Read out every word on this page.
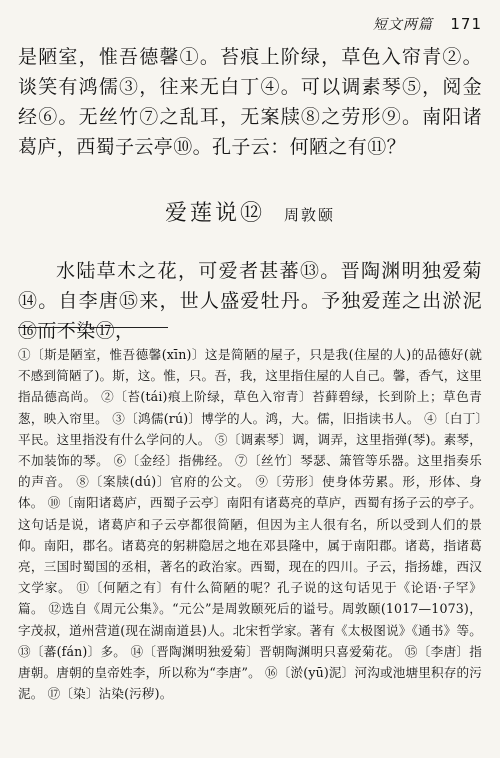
短文两篇 171
是陋室，惟吾德馨①。苔痕上阶绿，草色入帘青②。谈笑有鸿儒③，往来无白丁④。可以调素琴⑤，阅金经⑥。无丝竹⑦之乱耳，无案牍⑧之劳形⑨。南阳诸葛庐，西蜀子云亭⑩。孔子云：何陋之有⑪？
爱莲说⑫ 周敦颐

水陆草木之花，可爱者甚蕃⑬。晋陶渊明独爱菊⑭。自李唐⑮来，世人盛爱牡丹。予独爱莲之出淤泥⑯而不染⑰，

①〔斯是陋室，惟吾德馨(xīn)〕这是简陋的屋子，只是我(住屋的人)的品德好(就不感到简陋了)。斯，这。惟，只。吾，我，这里指住屋的人自己。馨，香气，这里指品德高尚。 ②〔苔(tái)痕上阶绿，草色入帘青〕苔藓碧绿，长到阶上；草色青葱，映入帘里。 ③〔鸿儒(rú)〕博学的人。鸿，大。儒，旧指读书人。 ④〔白丁〕平民。这里指没有什么学问的人。 ⑤〔调素琴〕调，调弄，这里指弹(琴)。素琴，不加装饰的琴。 ⑥〔金经〕指佛经。 ⑦〔丝竹〕琴瑟、箫管等乐器。这里指奏乐的声音。 ⑧〔案牍(dú)〕官府的公文。 ⑨〔劳形〕使身体劳累。形，形体、身体。 ⑩〔南阳诸葛庐，西蜀子云亭〕南阳有诸葛亮的草庐，西蜀有扬子云的亭子。这句话是说，诸葛庐和子云亭都很简陋，但因为主人很有名，所以受到人们的景仰。南阳，郡名。诸葛亮的躬耕隐居之地在邓县隆中，属于南阳郡。诸葛，指诸葛亮，三国时蜀国的丞相，著名的政治家。西蜀，现在的四川。子云，指扬雄，西汉文学家。 ⑪〔何陋之有〕有什么简陋的呢？孔子说的这句话见于《论语·子罕》篇。 ⑫选自《周元公集》。“元公”是周敦颐死后的谥号。周敦颐(1017—1073)，字茂叔，道州营道(现在湖南道县)人。北宋哲学家。著有《太极图说》《通书》等。 ⑬〔蕃(fán)〕多。 ⑭〔晋陶渊明独爱菊〕晋朝陶渊明只喜爱菊花。 ⑮〔李唐〕指唐朝。唐朝的皇帝姓李，所以称为“李唐”。 ⑯〔淤(yū)泥〕河沟或池塘里积存的污泥。 ⑰〔染〕沾染(污秽)。
